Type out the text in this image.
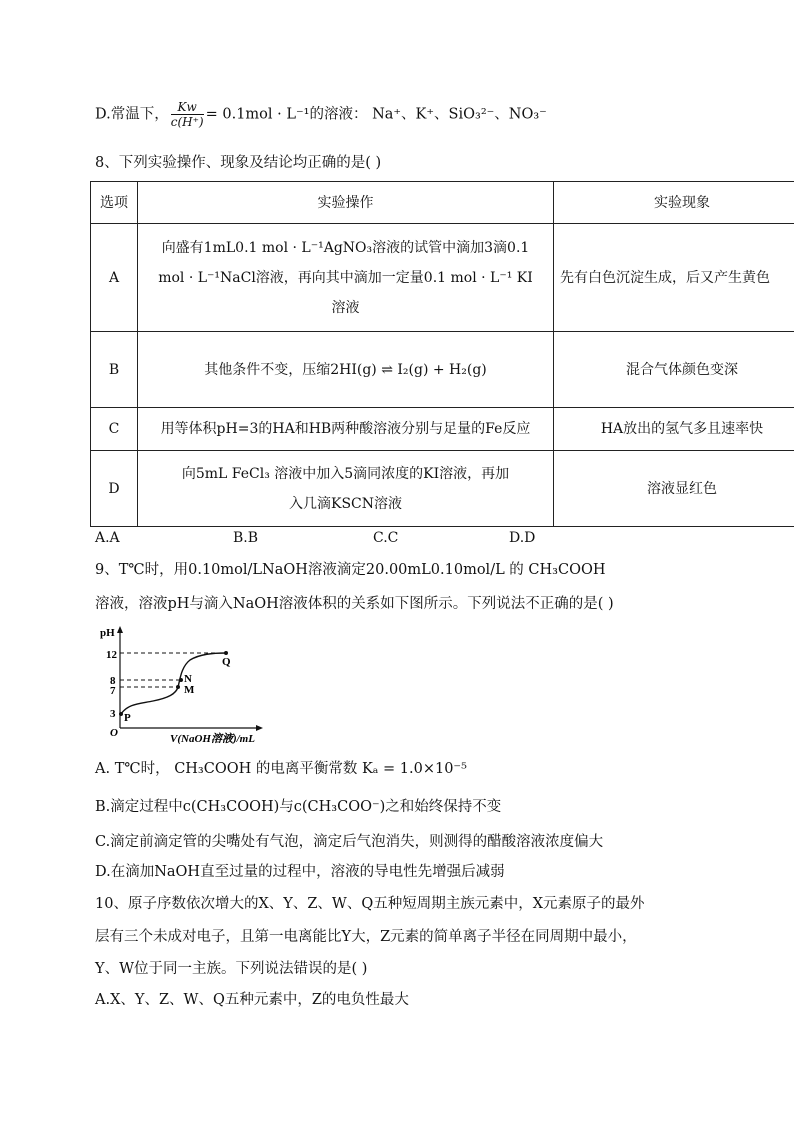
D.常温下， $\frac{Kw}{c(H^+)} = 0.1mol \cdot L^{-1}$的溶液： Na⁺、K⁺、SiO₃²⁻、NO₃⁻
8、下列实验操作、现象及结论均正确的是( )
选项	实验操作	实验现象
A	向盛有1mL0.1 mol · L⁻¹AgNO₃溶液的试管中滴加3滴0.1 mol · L⁻¹NaCl溶液，再向其中滴加一定量0.1 mol · L⁻¹ KI溶液	先有白色沉淀生成，后又产生黄色
B	其他条件不变，压缩2HI(g) ⇌ I₂(g) + H₂(g)	混合气体颜色变深
C	用等体积pH=3的HA和HB两种酸溶液分别与足量的Fe反应	HA放出的氢气多且速率快
D	向5mL FeCl₃ 溶液中加入5滴同浓度的KI溶液，再加入几滴KSCN溶液	溶液显红色
A.A	B.B	C.C	D.D
9、T℃时，用0.10mol/LNaOH溶液滴定20.00mL0.10mol/L 的 CH₃COOH
溶液，溶液pH与滴入NaOH溶液体积的关系如下图所示。下列说法不正确的是( )
pH
O
12
8
7
3
Q
N
M
P
V(NaOH溶液)/mL
A. T℃时， CH₃COOH 的电离平衡常数 Kₐ = 1.0×10⁻⁵
B.滴定过程中c(CH₃COOH)与c(CH₃COO⁻)之和始终保持不变
C.滴定前滴定管的尖嘴处有气泡，滴定后气泡消失，则测得的醋酸溶液浓度偏大
D.在滴加NaOH直至过量的过程中，溶液的导电性先增强后减弱
10、原子序数依次增大的X、Y、Z、W、Q五种短周期主族元素中，X元素原子的最外
层有三个未成对电子，且第一电离能比Y大，Z元素的简单离子半径在同周期中最小，
Y、W位于同一主族。下列说法错误的是( )
A.X、Y、Z、W、Q五种元素中，Z的电负性最大
